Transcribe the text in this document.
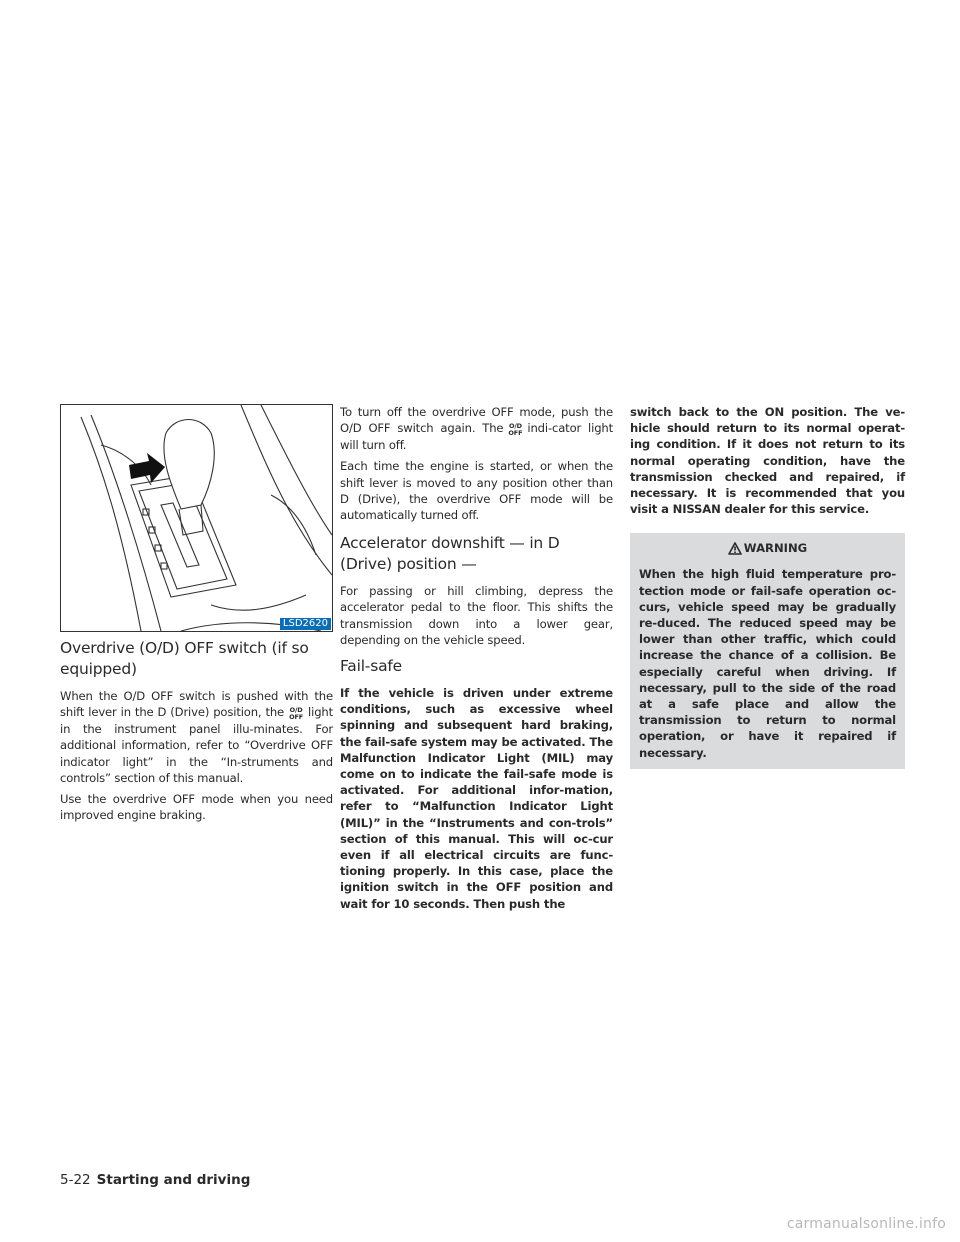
LSD2620
Overdrive (O/D) OFF switch (if so equipped)

When the O/D OFF switch is pushed with the shift lever in the D (Drive) position, the O/D
OFF light in the instrument panel illu-minates. For additional information, refer to “Overdrive OFF indicator light” in the “In-struments and controls” section of this manual.

Use the overdrive OFF mode when you need improved engine braking.

To turn off the overdrive OFF mode, push the O/D OFF switch again. The O/D
OFF indi-cator light will turn off.

Each time the engine is started, or when the shift lever is moved to any position other than D (Drive), the overdrive OFF mode will be automatically turned off.

Accelerator downshift — in D (Drive) position —

For passing or hill climbing, depress the accelerator pedal to the floor. This shifts the transmission down into a lower gear, depending on the vehicle speed.

Fail-safe

If the vehicle is driven under extreme conditions, such as excessive wheel spinning and subsequent hard braking, the fail-safe system may be activated. The Malfunction Indicator Light (MIL) may come on to indicate the fail-safe mode is activated. For additional infor-mation, refer to “Malfunction Indicator Light (MIL)” in the “Instruments and con-trols” section of this manual. This will oc-cur even if all electrical circuits are func-tioning properly. In this case, place the ignition switch in the OFF position and wait for 10 seconds. Then push the

switch back to the ON position. The ve-hicle should return to its normal operat-ing condition. If it does not return to its normal operating condition, have the transmission checked and repaired, if necessary. It is recommended that you visit a NISSAN dealer for this service.

WARNING

When the high fluid temperature pro-tection mode or fail-safe operation oc-curs, vehicle speed may be gradually re-duced. The reduced speed may be lower than other traffic, which could increase the chance of a collision. Be especially careful when driving. If necessary, pull to the side of the road at a safe place and allow the transmission to return to normal operation, or have it repaired if necessary.

5-22 Starting and driving
carmanualsonline.info
